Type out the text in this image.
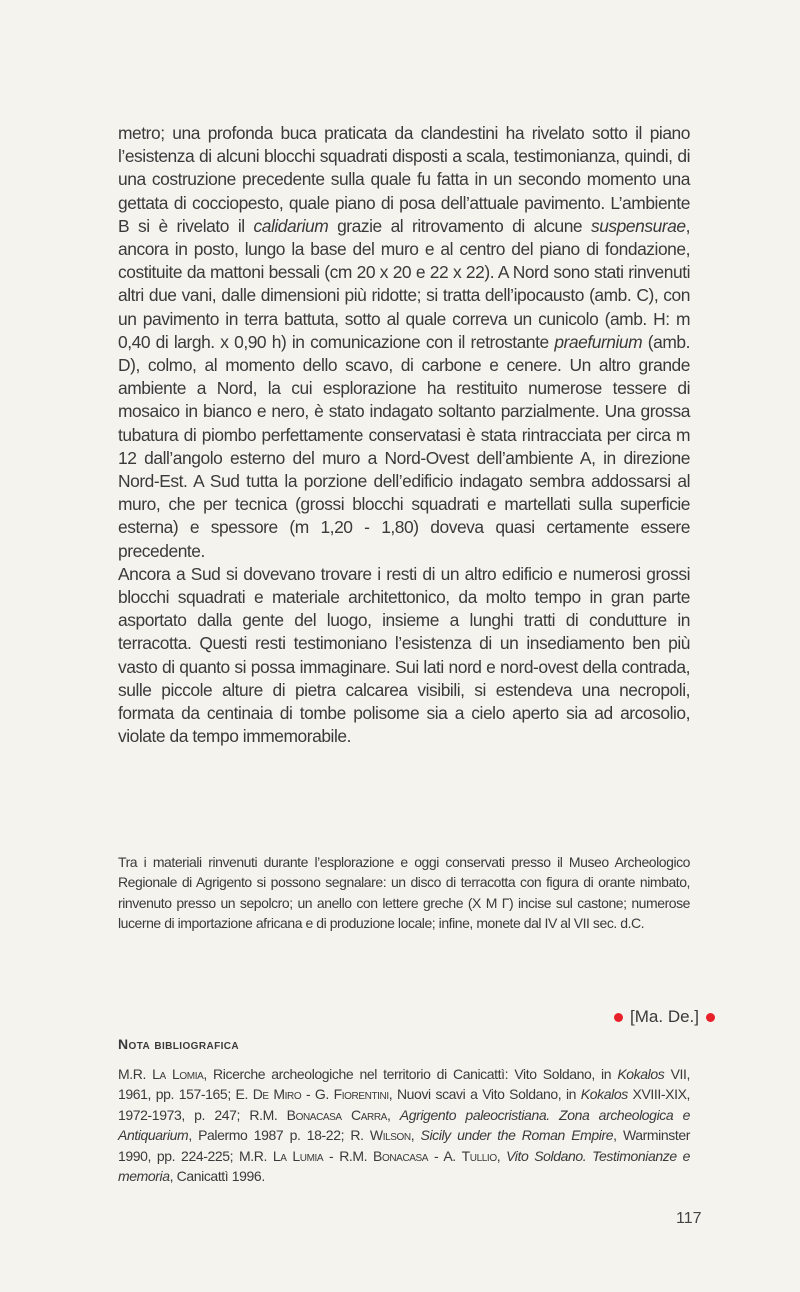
metro; una profonda buca praticata da clandestini ha rivelato sotto il piano l’esistenza di alcuni blocchi squadrati disposti a scala, testimonianza, quindi, di una costruzione precedente sulla quale fu fatta in un secondo momento una gettata di cocciopesto, quale piano di posa dell’attuale pavimento. L’ambiente B si è rivelato il calidarium grazie al ritrovamento di alcune suspensurae, ancora in posto, lungo la base del muro e al centro del piano di fondazione, costituite da mattoni bessali (cm 20 x 20 e 22 x 22). A Nord sono stati rinvenuti altri due vani, dalle dimensioni più ridotte; si tratta dell’ipocausto (amb. C), con un pavimento in terra battuta, sotto al quale correva un cunicolo (amb. H: m 0,40 di largh. x 0,90 h) in comunicazione con il retrostante praefurnium (amb. D), colmo, al momento dello scavo, di carbone e cenere. Un altro grande ambiente a Nord, la cui esplorazione ha restituito numerose tessere di mosaico in bianco e nero, è stato indagato soltanto parzialmente. Una grossa tubatura di piombo perfettamente conservatasi è stata rintracciata per circa m 12 dall’angolo esterno del muro a Nord-Ovest dell’ambiente A, in direzione Nord-Est. A Sud tutta la porzione dell’edificio indagato sembra addossarsi al muro, che per tecnica (grossi blocchi squadrati e martellati sulla superficie esterna) e spessore (m 1,20 - 1,80) doveva quasi certamente essere precedente.

Ancora a Sud si dovevano trovare i resti di un altro edificio e numerosi grossi blocchi squadrati e materiale architettonico, da molto tempo in gran parte asportato dalla gente del luogo, insieme a lunghi tratti di condutture in terracotta. Questi resti testimoniano l’esistenza di un insediamento ben più vasto di quanto si possa immaginare. Sui lati nord e nord-ovest della contrada, sulle piccole alture di pietra calcarea visibili, si estendeva una necropoli, formata da centinaia di tombe polisome sia a cielo aperto sia ad arcosolio, violate da tempo immemorabile.

Tra i materiali rinvenuti durante l’esplorazione e oggi conservati presso il Museo Archeologico Regionale di Agrigento si possono segnalare: un disco di terracotta con figura di orante nimbato, rinvenuto presso un sepolcro; un anello con lettere greche (X M Γ) incise sul castone; numerose lucerne di importazione africana e di produzione locale; infine, monete dal IV al VII sec. d.C.

[Ma. De.]
Nota bibliografica

M.R. La Lomia, Ricerche archeologiche nel territorio di Canicattì: Vito Soldano, in Kokalos VII, 1961, pp. 157-165; E. De Miro - G. Fiorentini, Nuovi scavi a Vito Soldano, in Kokalos XVIII-XIX, 1972-1973, p. 247; R.M. Bonacasa Carra, Agrigento paleocristiana. Zona archeologica e Antiquarium, Palermo 1987 p. 18-22; R. Wilson, Sicily under the Roman Empire, Warminster 1990, pp. 224-225; M.R. La Lumia - R.M. Bonacasa - A. Tullio, Vito Soldano. Testimonianze e memoria, Canicattì 1996.

117
